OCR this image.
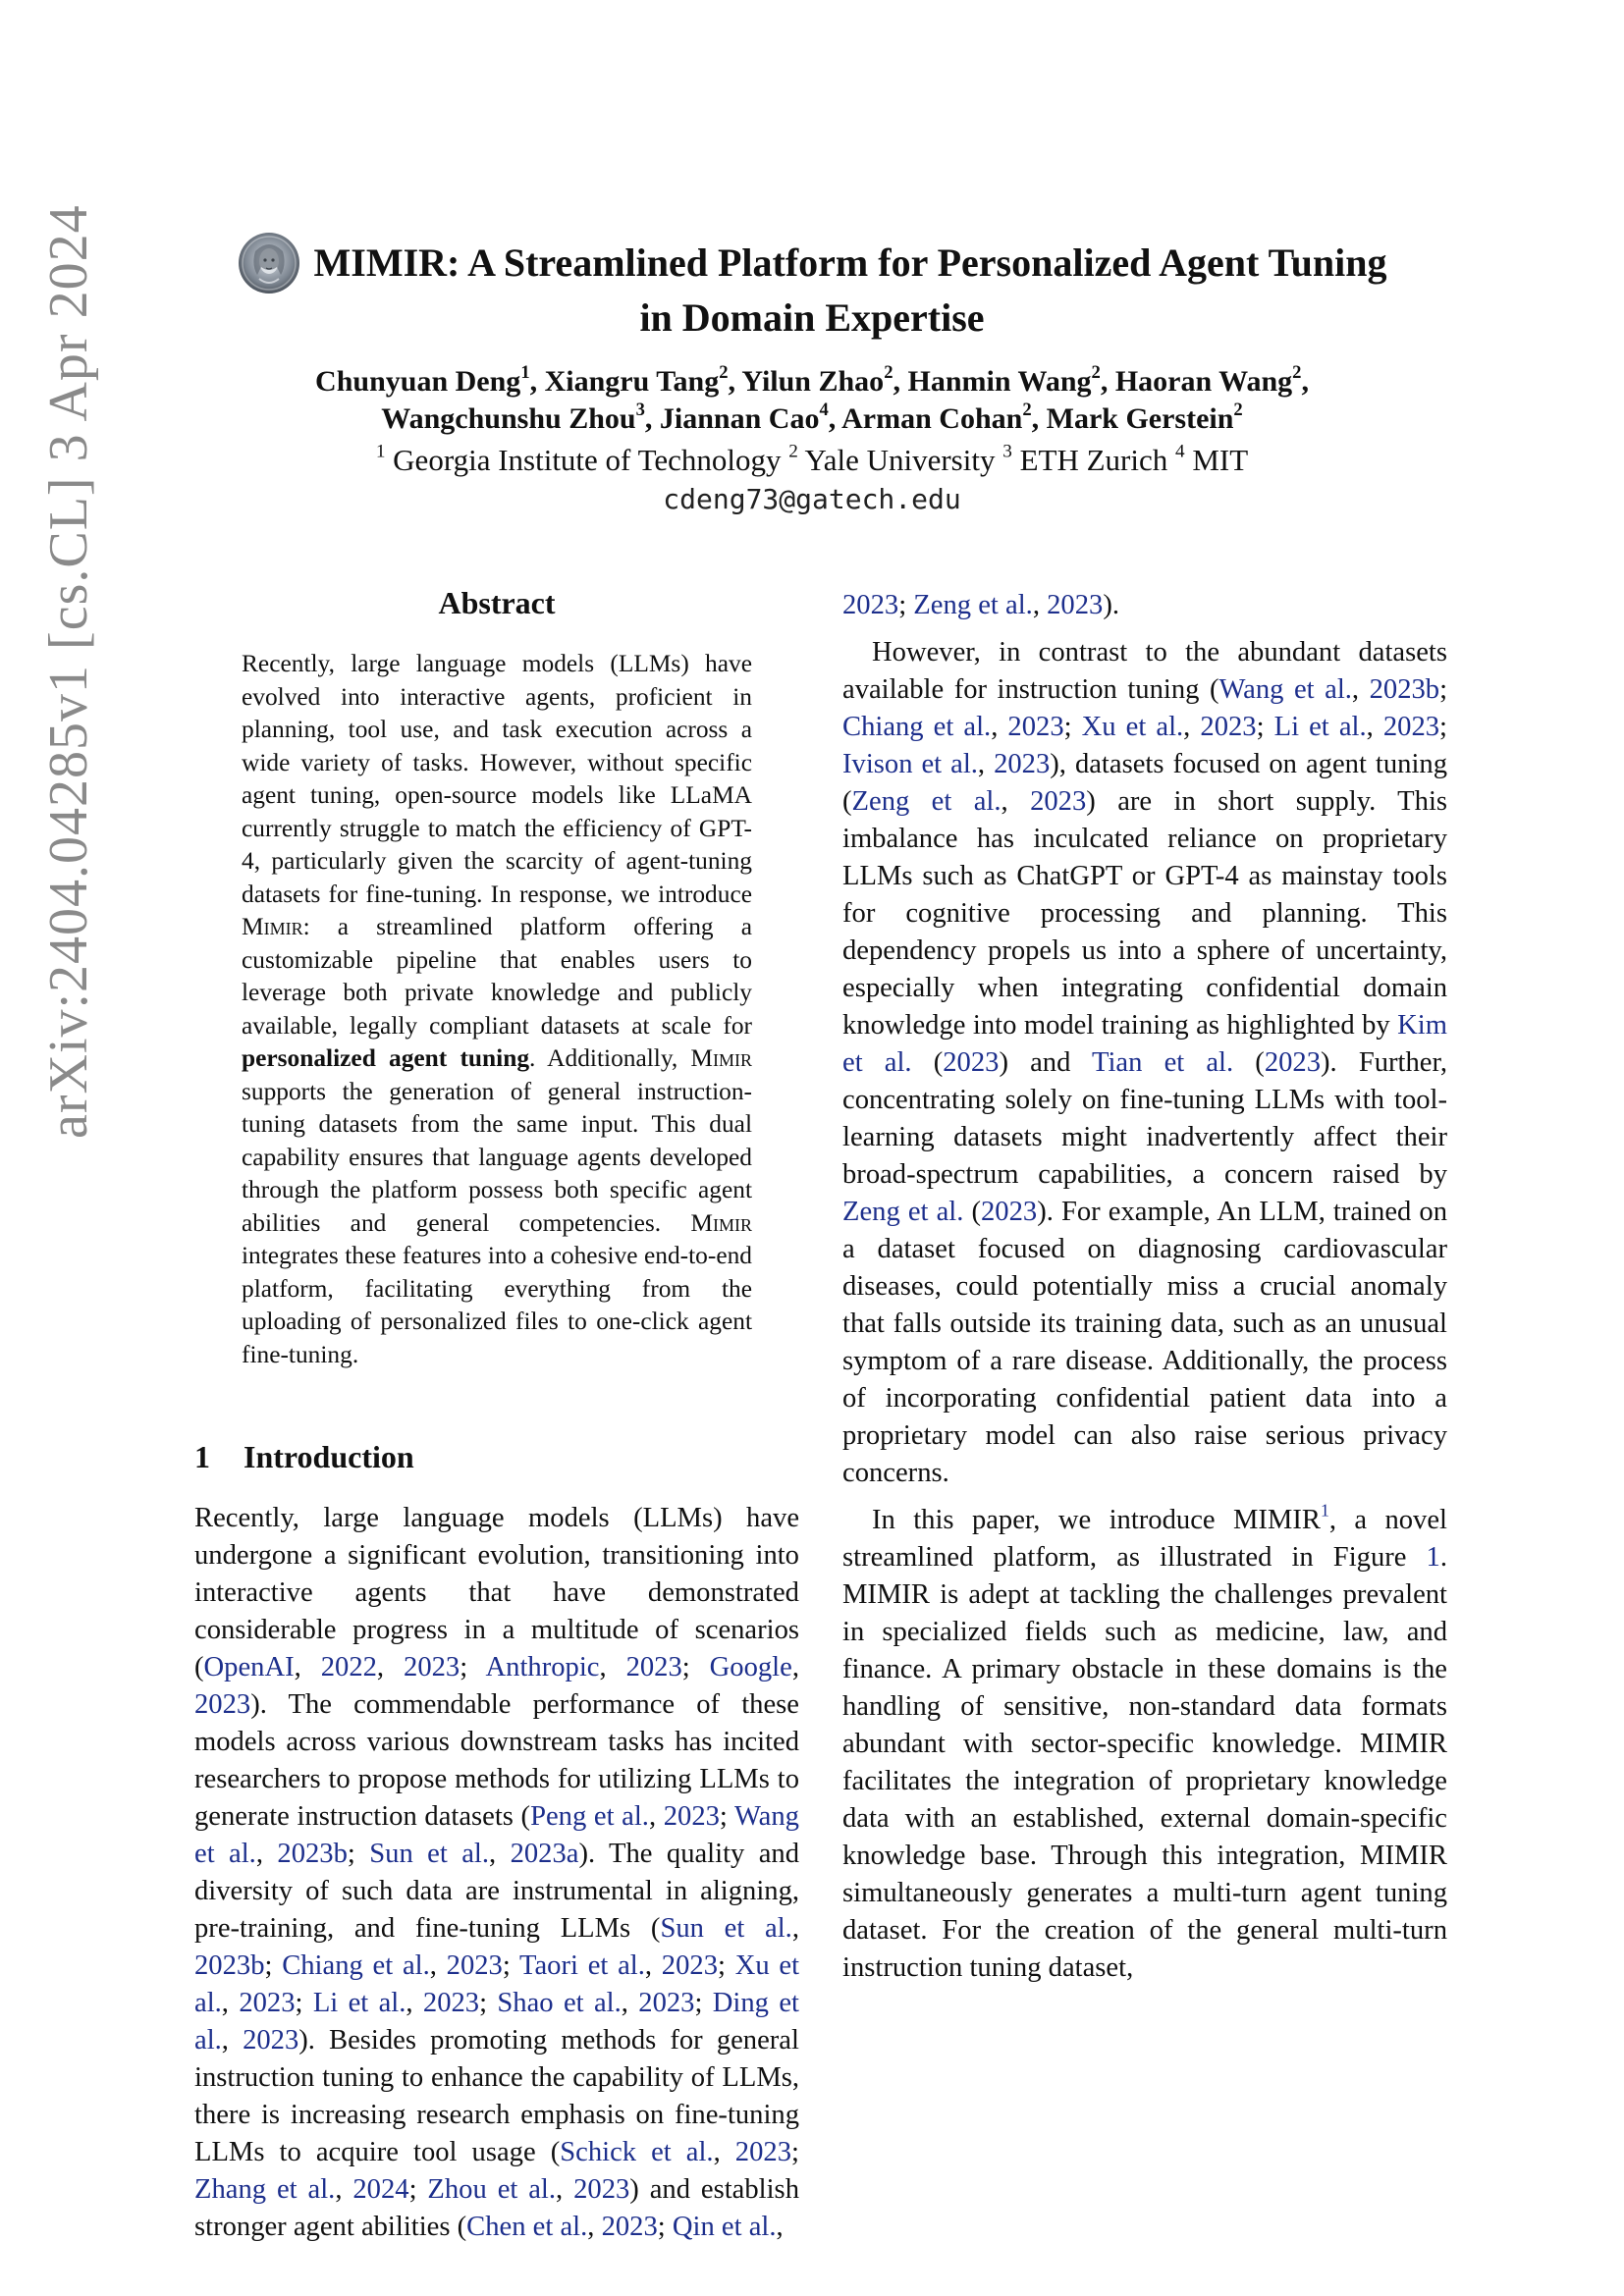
arXiv:2404.04285v1 [cs.CL] 3 Apr 2024	MIMIR: A Streamlined Platform for Personalized Agent Tuning
in Domain Expertise
Chunyuan Deng$^1$, Xiangru Tang$^2$, Yilun Zhao$^2$, Hanmin Wang$^2$, Haoran Wang$^2$,
Wangchunshu Zhou$^3$, Jiannan Cao$^4$, Arman Cohan$^2$, Mark Gerstein$^2$
$^1$ Georgia Institute of Technology $^2$ Yale University $^3$ ETH Zurich $^4$ MIT
cdeng73@gatech.edu
Abstract
Recently, large language models (LLMs) have evolved into interactive agents, proficient in planning, tool use, and task execution across a wide variety of tasks. However, without specific agent tuning, open-source models like LLaMA currently struggle to match the efficiency of GPT- 4, particularly given the scarcity of agent-tuning datasets for fine-tuning. In response, we introduce Mimir: a streamlined platform offering a customizable pipeline that enables users to leverage both private knowledge and publicly available, legally compliant datasets at scale for personalized agent tuning. Additionally, Mimir supports the generation of general instruction-tuning datasets from the same input. This dual capability ensures that language agents developed through the platform possess both specific agent abilities and general competencies. Mimir integrates these features into a cohesive end-to-end platform, facilitating everything from the uploading of personalized files to one-click agent fine-tuning.
1 Introduction

Recently, large language models (LLMs) have undergone a significant evolution, transitioning into interactive agents that have demonstrated considerable progress in a multitude of scenarios (OpenAI, 2022, 2023; Anthropic, 2023; Google, 2023). The commendable performance of these models across various downstream tasks has incited researchers to propose methods for utilizing LLMs to generate instruction datasets (Peng et al., 2023; Wang et al., 2023b; Sun et al., 2023a). The quality and diversity of such data are instrumental in aligning, pre-training, and fine-tuning LLMs (Sun et al., 2023b; Chiang et al., 2023; Taori et al., 2023; Xu et al., 2023; Li et al., 2023; Shao et al., 2023; Ding et al., 2023). Besides promoting methods for general instruction tuning to enhance the capability of LLMs, there is increasing research emphasis on fine-tuning LLMs to acquire tool usage (Schick et al., 2023; Zhang et al., 2024; Zhou et al., 2023) and establish stronger agent abilities (Chen et al., 2023; Qin et al.,

2023; Zeng et al., 2023).

However, in contrast to the abundant datasets available for instruction tuning (Wang et al., 2023b; Chiang et al., 2023; Xu et al., 2023; Li et al., 2023; Ivison et al., 2023), datasets focused on agent tuning (Zeng et al., 2023) are in short supply. This imbalance has inculcated reliance on proprietary LLMs such as ChatGPT or GPT-4 as mainstay tools for cognitive processing and planning. This dependency propels us into a sphere of uncertainty, especially when integrating confidential domain knowledge into model training as highlighted by Kim et al. (2023) and Tian et al. (2023). Further, concentrating solely on fine-tuning LLMs with tool-learning datasets might inadvertently affect their broad-spectrum capabilities, a concern raised by Zeng et al. (2023). For example, An LLM, trained on a dataset focused on diagnosing cardiovascular diseases, could potentially miss a crucial anomaly that falls outside its training data, such as an unusual symptom of a rare disease. Additionally, the process of incorporating confidential patient data into a proprietary model can also raise serious privacy concerns.

In this paper, we introduce MIMIR$^1$, a novel streamlined platform, as illustrated in Figure 1. MIMIR is adept at tackling the challenges prevalent in specialized fields such as medicine, law, and finance. A primary obstacle in these domains is the handling of sensitive, non-standard data formats abundant with sector-specific knowledge. MIMIR facilitates the integration of proprietary knowledge data with an established, external domain-specific knowledge base. Through this integration, MIMIR simultaneously generates a multi-turn agent tuning dataset. For the creation of the general multi-turn instruction tuning dataset,
